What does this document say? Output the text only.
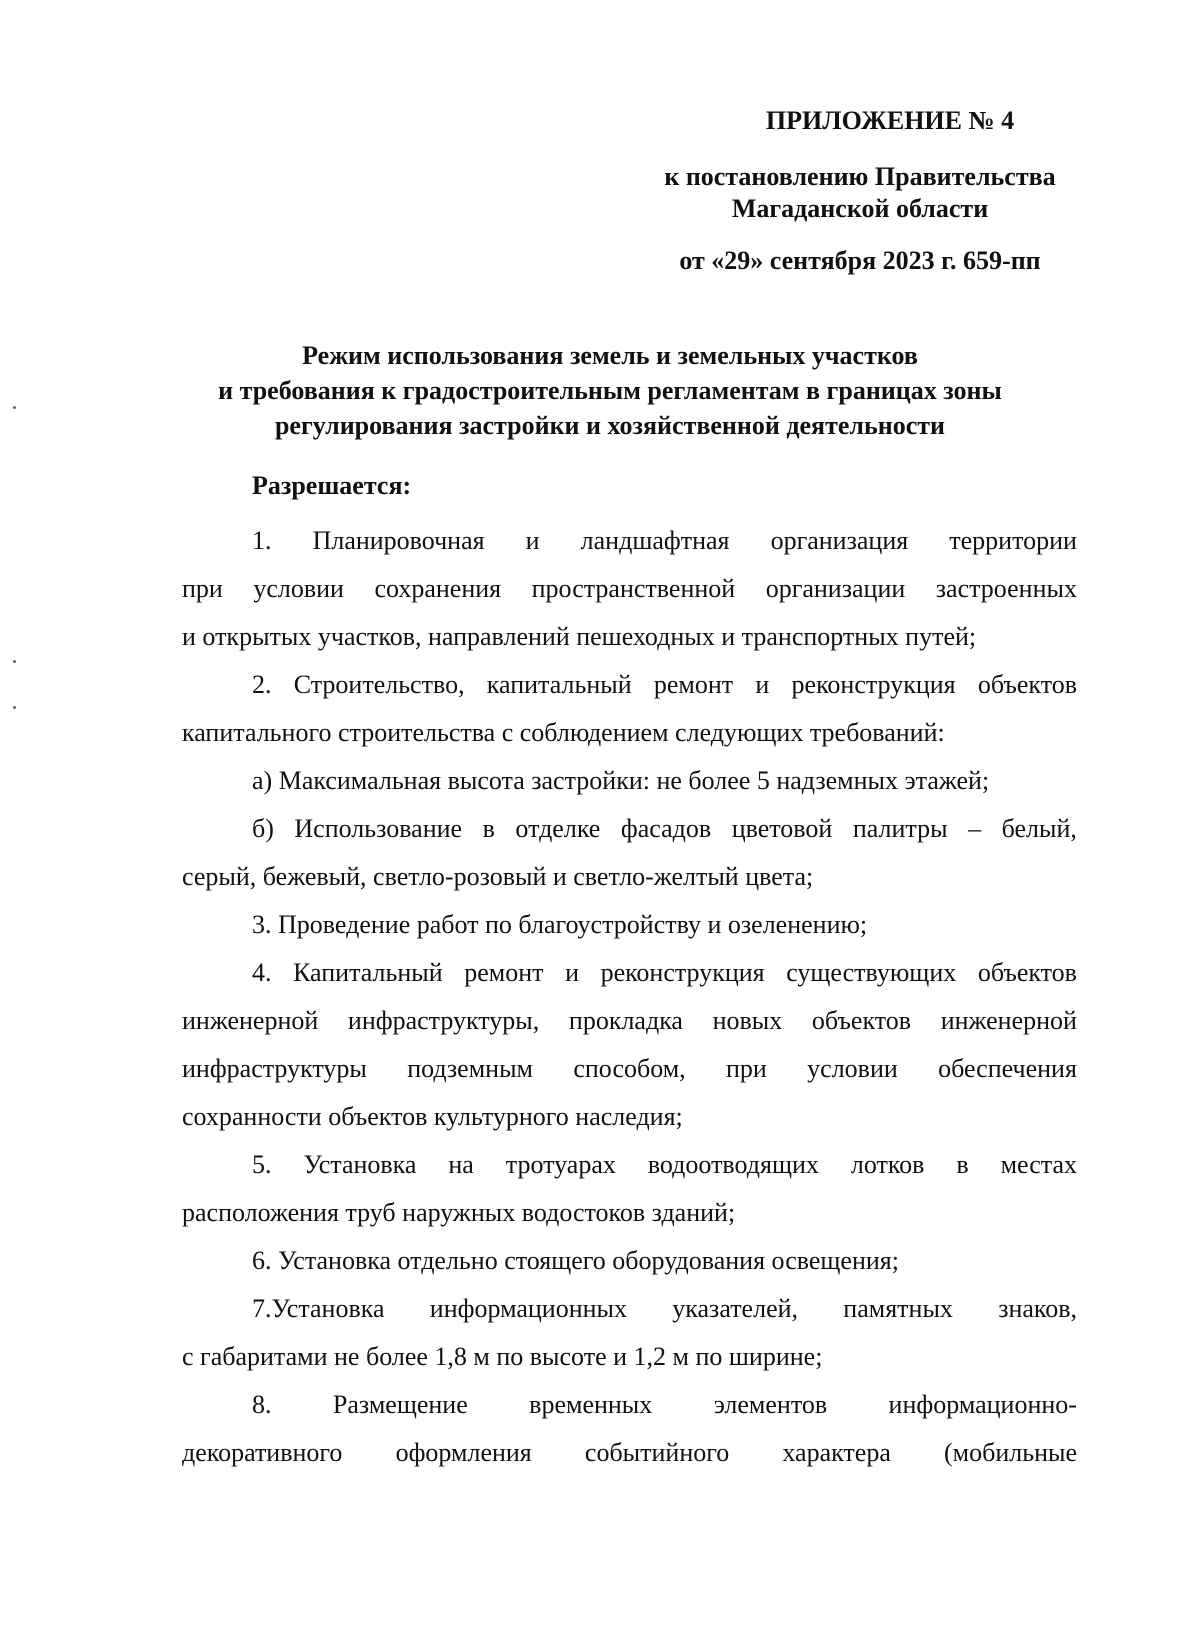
ПРИЛОЖЕНИЕ № 4
к постановлению Правительства
Магаданской области
от «29» сентября 2023 г. 659-пп
Режим использования земель и земельных участков
и требования к градостроительным регламентам в границах зоны
регулирования застройки и хозяйственной деятельности
Разрешается:
1. Планировочная и ландшафтная организация территории
при условии сохранения пространственной организации застроенных
и открытых участков, направлений пешеходных и транспортных путей;
2. Строительство, капитальный ремонт и реконструкция объектов
капитального строительства с соблюдением следующих требований:
а) Максимальная высота застройки: не более 5 надземных этажей;
б) Использование в отделке фасадов цветовой палитры – белый,
серый, бежевый, светло-розовый и светло-желтый цвета;
3. Проведение работ по благоустройству и озеленению;
4. Капитальный ремонт и реконструкция существующих объектов
инженерной инфраструктуры, прокладка новых объектов инженерной
инфраструктуры подземным способом, при условии обеспечения
сохранности объектов культурного наследия;
5. Установка на тротуарах водоотводящих лотков в местах
расположения труб наружных водостоков зданий;
6. Установка отдельно стоящего оборудования освещения;
7.Установка информационных указателей, памятных знаков,
с габаритами не более 1,8 м по высоте и 1,2 м по ширине;
8. Размещение временных элементов информационно-
декоративного оформления событийного характера (мобильные
